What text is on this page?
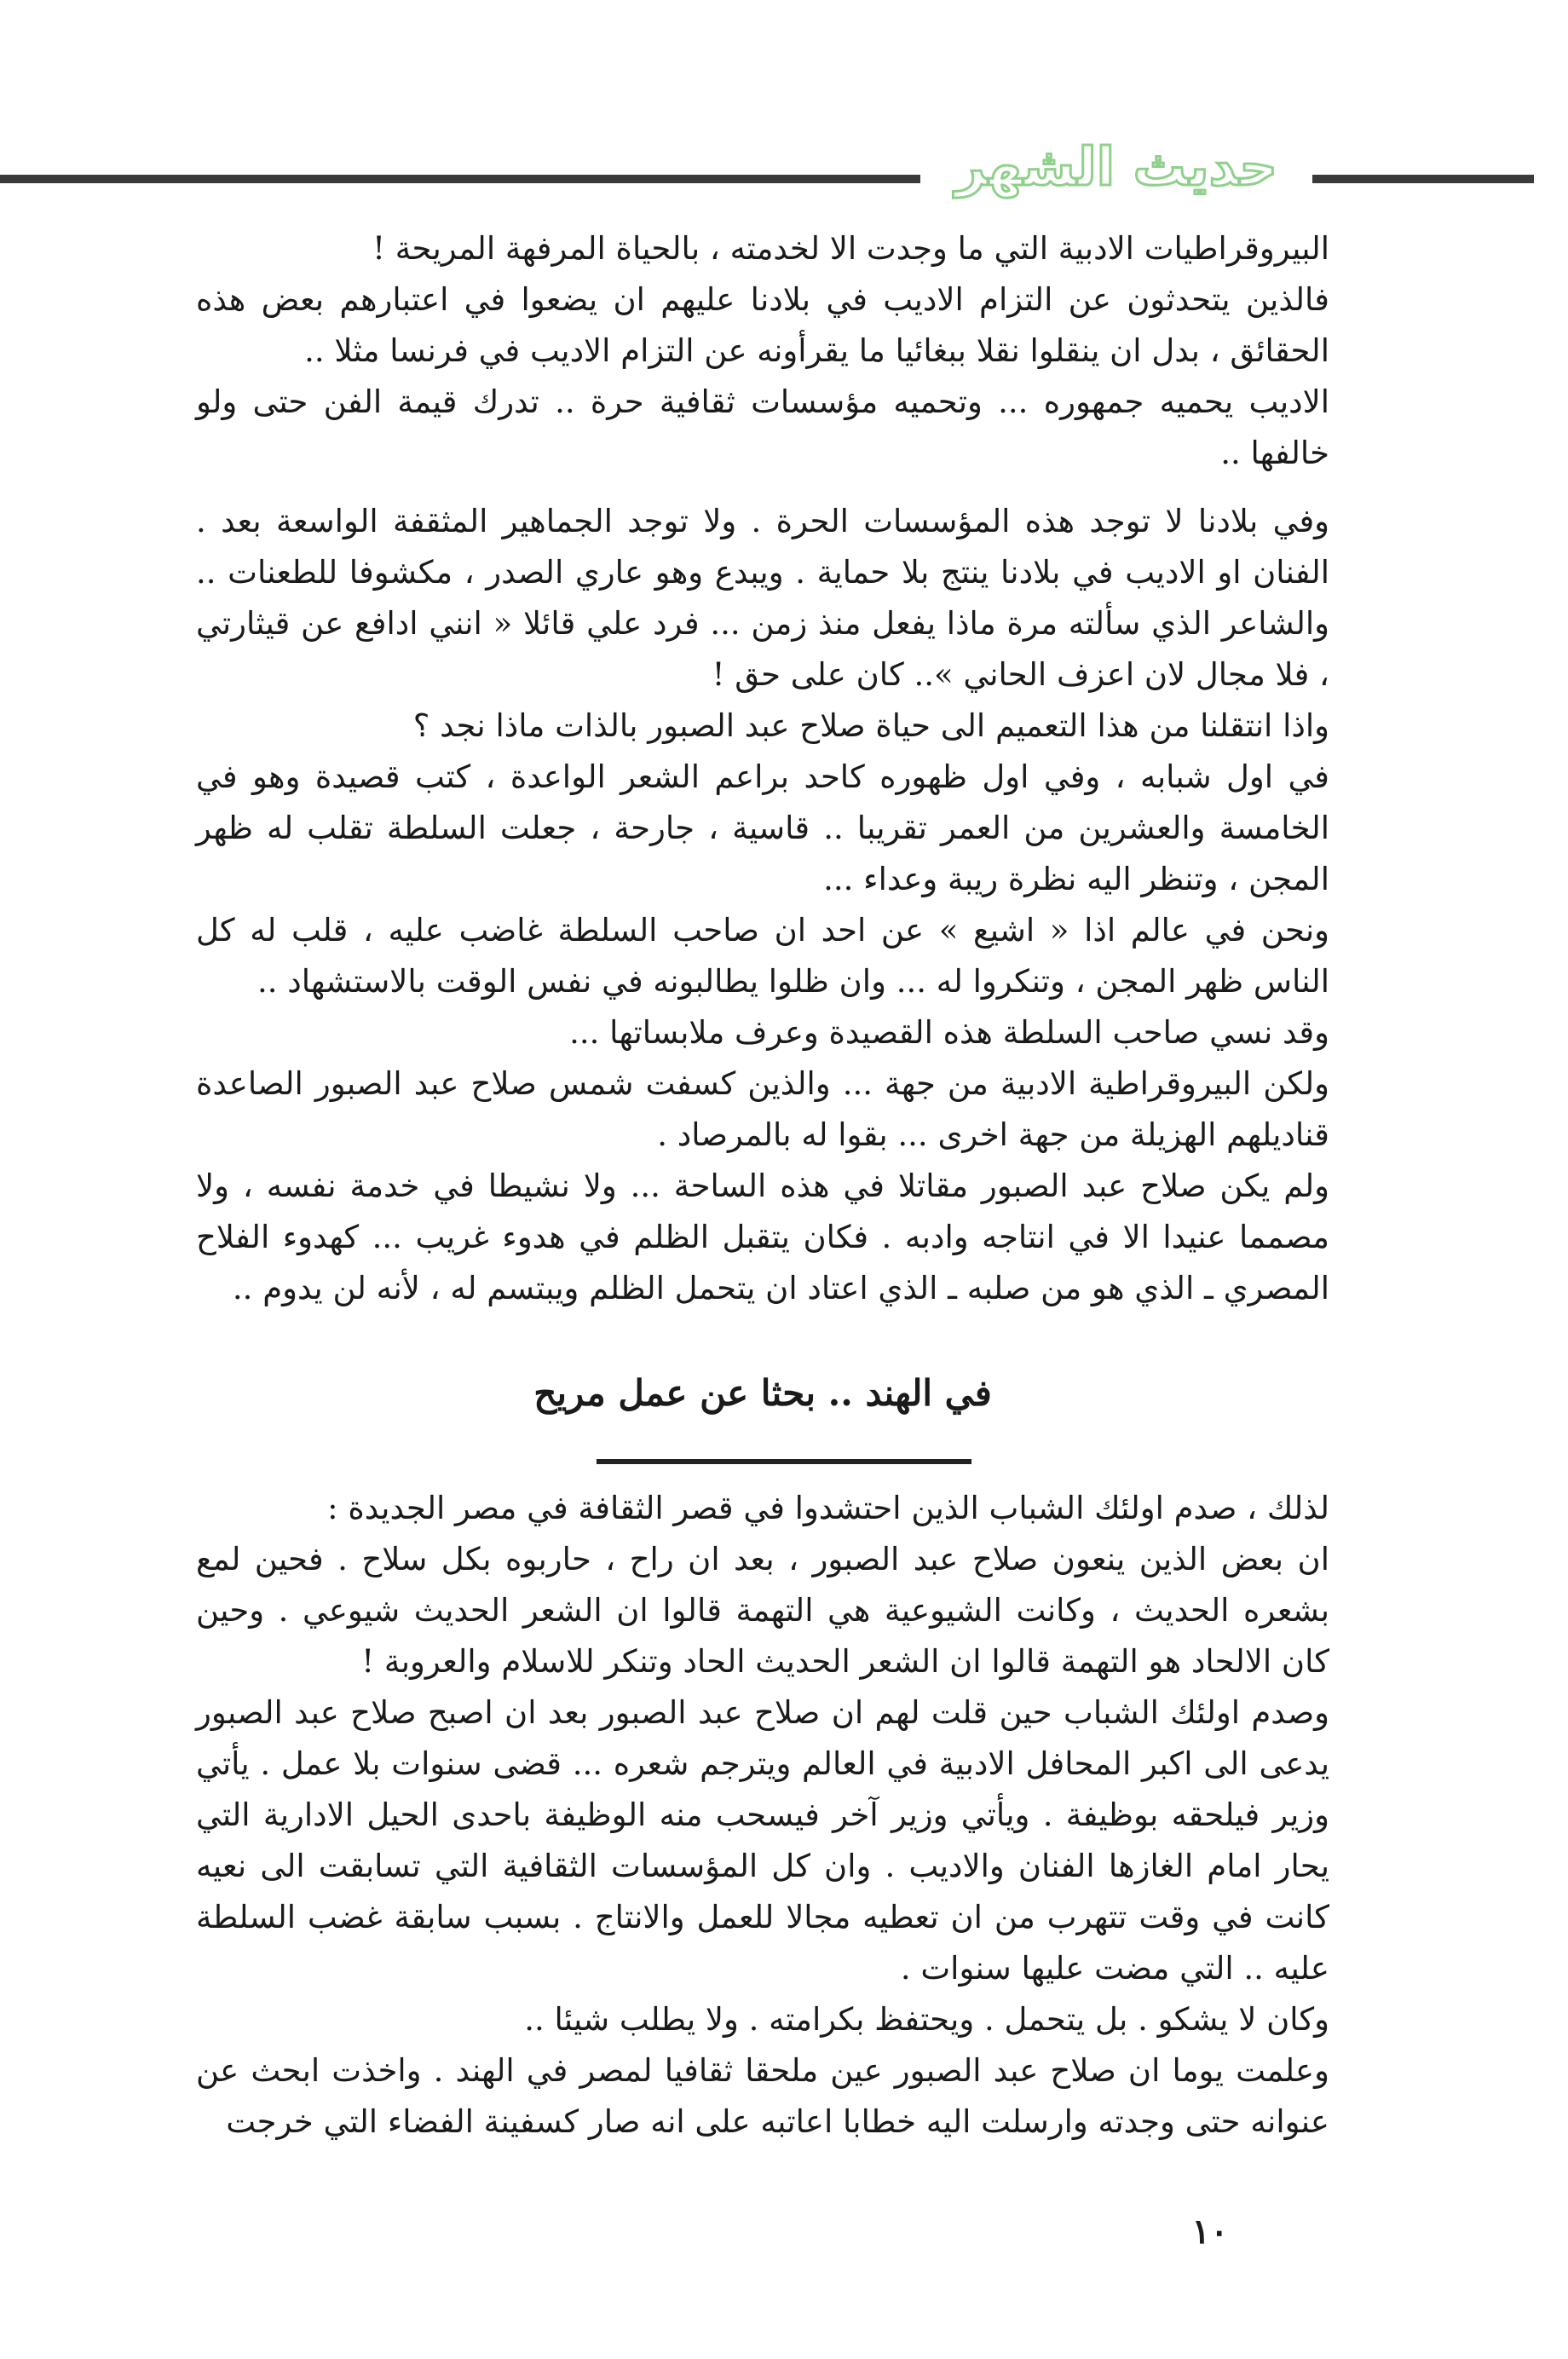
حديث الشهر

البيروقراطيات الادبية التي ما وجدت الا لخدمته ، بالحياة المرفهة المريحة !

فالذين يتحدثون عن التزام الاديب في بلادنا عليهم ان يضعوا في اعتبارهم بعض هذه الحقائق ، بدل ان ينقلوا نقلا ببغائيا ما يقرأونه عن التزام الاديب في فرنسا مثلا ..

الاديب يحميه جمهوره ... وتحميه مؤسسات ثقافية حرة .. تدرك قيمة الفن حتى ولو خالفها ..

وفي بلادنا لا توجد هذه المؤسسات الحرة . ولا توجد الجماهير المثقفة الواسعة بعد . الفنان او الاديب في بلادنا ينتج بلا حماية . ويبدع وهو عاري الصدر ، مكشوفا للطعنات .. والشاعر الذي سألته مرة ماذا يفعل منذ زمن ... فرد علي قائلا « انني ادافع عن قيثارتي ، فلا مجال لان اعزف الحاني ».. كان على حق !

واذا انتقلنا من هذا التعميم الى حياة صلاح عبد الصبور بالذات ماذا نجد ؟

في اول شبابه ، وفي اول ظهوره كاحد براعم الشعر الواعدة ، كتب قصيدة وهو في الخامسة والعشرين من العمر تقريبا .. قاسية ، جارحة ، جعلت السلطة تقلب له ظهر المجن ، وتنظر اليه نظرة ريبة وعداء ...

ونحن في عالم اذا « اشيع » عن احد ان صاحب السلطة غاضب عليه ، قلب له كل الناس ظهر المجن ، وتنكروا له ... وان ظلوا يطالبونه في نفس الوقت بالاستشهاد ..

وقد نسي صاحب السلطة هذه القصيدة وعرف ملابساتها ...

ولكن البيروقراطية الادبية من جهة ... والذين كسفت شمس صلاح عبد الصبور الصاعدة قناديلهم الهزيلة من جهة اخرى ... بقوا له بالمرصاد .

ولم يكن صلاح عبد الصبور مقاتلا في هذه الساحة ... ولا نشيطا في خدمة نفسه ، ولا مصمما عنيدا الا في انتاجه وادبه . فكان يتقبل الظلم في هدوء غريب ... كهدوء الفلاح المصري ـ الذي هو من صلبه ـ الذي اعتاد ان يتحمل الظلم ويبتسم له ، لأنه لن يدوم ..

في الهند .. بحثا عن عمل مريح

لذلك ، صدم اولئك الشباب الذين احتشدوا في قصر الثقافة في مصر الجديدة :

ان بعض الذين ينعون صلاح عبد الصبور ، بعد ان راح ، حاربوه بكل سلاح . فحين لمع بشعره الحديث ، وكانت الشيوعية هي التهمة قالوا ان الشعر الحديث شيوعي . وحين كان الالحاد هو التهمة قالوا ان الشعر الحديث الحاد وتنكر للاسلام والعروبة !

وصدم اولئك الشباب حين قلت لهم ان صلاح عبد الصبور بعد ان اصبح صلاح عبد الصبور يدعى الى اكبر المحافل الادبية في العالم ويترجم شعره ... قضى سنوات بلا عمل . يأتي وزير فيلحقه بوظيفة . ويأتي وزير آخر فيسحب منه الوظيفة باحدى الحيل الادارية التي يحار امام الغازها الفنان والاديب . وان كل المؤسسات الثقافية التي تسابقت الى نعيه كانت في وقت تتهرب من ان تعطيه مجالا للعمل والانتاج . بسبب سابقة غضب السلطة عليه .. التي مضت عليها سنوات .

وكان لا يشكو . بل يتحمل . ويحتفظ بكرامته . ولا يطلب شيئا ..

وعلمت يوما ان صلاح عبد الصبور عين ملحقا ثقافيا لمصر في الهند . واخذت ابحث عن عنوانه حتى وجدته وارسلت اليه خطابا اعاتبه على انه صار كسفينة الفضاء التي خرجت

١٠
